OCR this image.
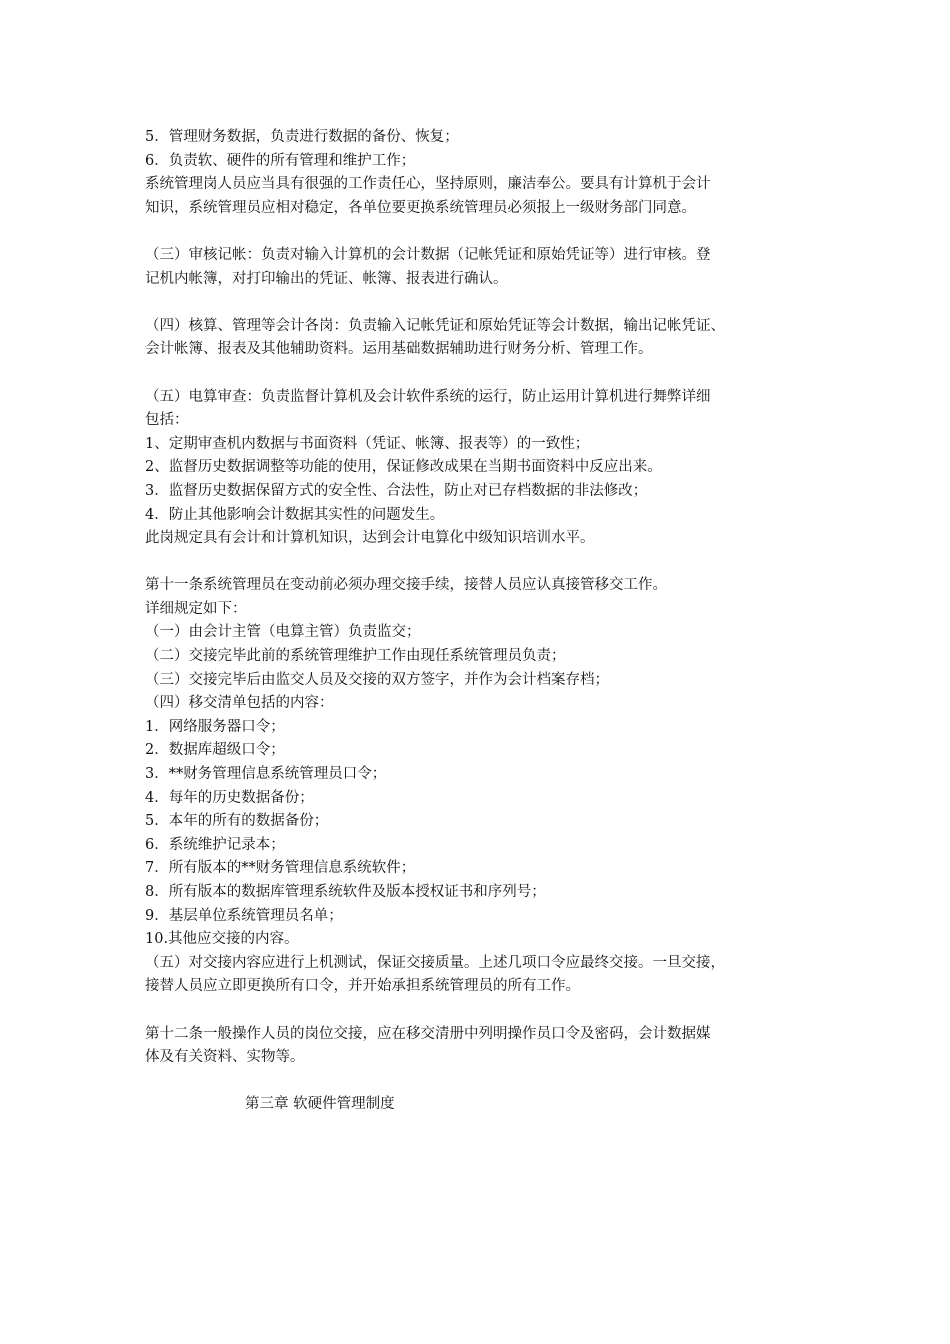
5．管理财务数据，负责进行数据的备份、恢复；
6．负责软、硬件的所有管理和维护工作；
系统管理岗人员应当具有很强的工作责任心，坚持原则，廉洁奉公。要具有计算机于会计
知识，系统管理员应相对稳定，各单位要更换系统管理员必须报上一级财务部门同意。
（三）审核记帐：负责对输入计算机的会计数据（记帐凭证和原始凭证等）进行审核。登
记机内帐簿，对打印输出的凭证、帐簿、报表进行确认。
（四）核算、管理等会计各岗：负责输入记帐凭证和原始凭证等会计数据，输出记帐凭证、
会计帐簿、报表及其他辅助资料。运用基础数据辅助进行财务分析、管理工作。
（五）电算审查：负责监督计算机及会计软件系统的运行，防止运用计算机进行舞弊详细
包括：
1、定期审查机内数据与书面资料（凭证、帐簿、报表等）的一致性；
2、监督历史数据调整等功能的使用，保证修改成果在当期书面资料中反应出来。
3．监督历史数据保留方式的安全性、合法性，防止对已存档数据的非法修改；
4．防止其他影响会计数据其实性的问题发生。
此岗规定具有会计和计算机知识，达到会计电算化中级知识培训水平。
第十一条系统管理员在变动前必须办理交接手续，接替人员应认真接管移交工作。
详细规定如下：
（一）由会计主管（电算主管）负责监交；
（二）交接完毕此前的系统管理维护工作由现任系统管理员负责；
（三）交接完毕后由监交人员及交接的双方签字，并作为会计档案存档；
（四）移交清单包括的内容：
1．网络服务器口令；
2．数据库超级口令；
3．**财务管理信息系统管理员口令；
4．每年的历史数据备份；
5．本年的所有的数据备份；
6．系统维护记录本；
7．所有版本的**财务管理信息系统软件；
8．所有版本的数据库管理系统软件及版本授权证书和序列号；
9．基层单位系统管理员名单；
10.其他应交接的内容。
（五）对交接内容应进行上机测试，保证交接质量。上述几项口令应最终交接。一旦交接，
接替人员应立即更换所有口令，并开始承担系统管理员的所有工作。
第十二条一般操作人员的岗位交接，应在移交清册中列明操作员口令及密码，会计数据媒
体及有关资料、实物等。
第三章 软硬件管理制度
